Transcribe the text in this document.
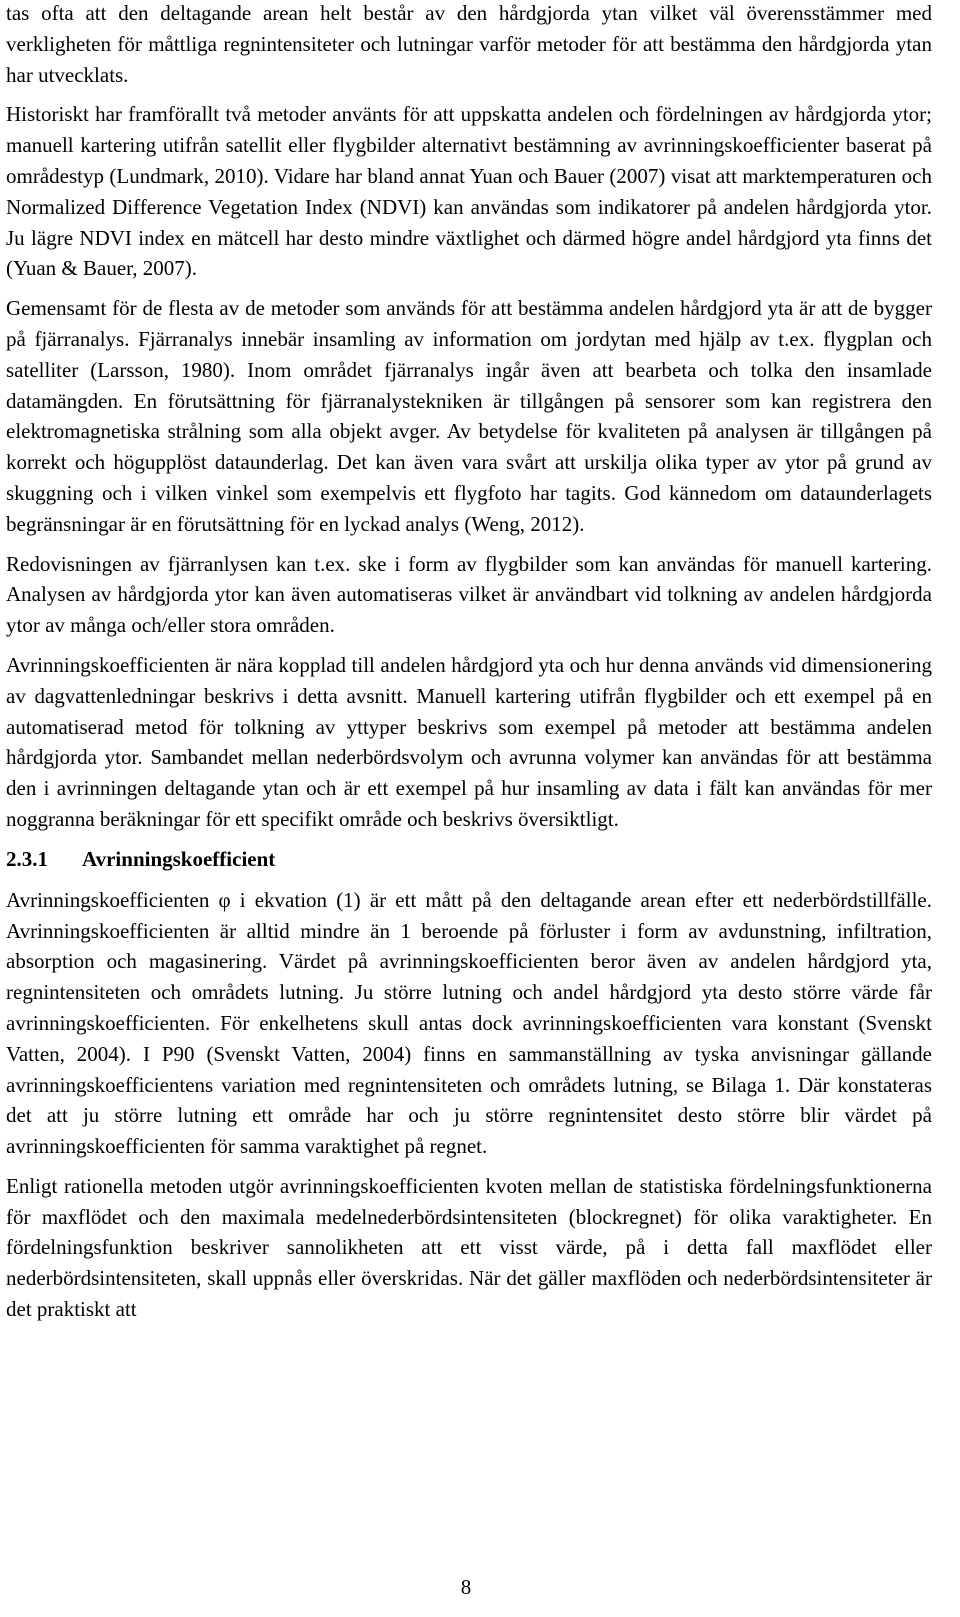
tas ofta att den deltagande arean helt består av den hårdgjorda ytan vilket väl överensstämmer med verkligheten för måttliga regnintensiteter och lutningar varför metoder för att bestämma den hårdgjorda ytan har utvecklats.

Historiskt har framförallt två metoder använts för att uppskatta andelen och fördelningen av hårdgjorda ytor; manuell kartering utifrån satellit eller flygbilder alternativt bestämning av avrinningskoefficienter baserat på områdestyp (Lundmark, 2010). Vidare har bland annat Yuan och Bauer (2007) visat att marktemperaturen och Normalized Difference Vegetation Index (NDVI) kan användas som indikatorer på andelen hårdgjorda ytor. Ju lägre NDVI index en mätcell har desto mindre växtlighet och därmed högre andel hårdgjord yta finns det (Yuan & Bauer, 2007).

Gemensamt för de flesta av de metoder som används för att bestämma andelen hårdgjord yta är att de bygger på fjärranalys. Fjärranalys innebär insamling av information om jordytan med hjälp av t.ex. flygplan och satelliter (Larsson, 1980). Inom området fjärranalys ingår även att bearbeta och tolka den insamlade datamängden. En förutsättning för fjärranalystekniken är tillgången på sensorer som kan registrera den elektromagnetiska strålning som alla objekt avger. Av betydelse för kvaliteten på analysen är tillgången på korrekt och högupplöst dataunderlag. Det kan även vara svårt att urskilja olika typer av ytor på grund av skuggning och i vilken vinkel som exempelvis ett flygfoto har tagits. God kännedom om dataunderlagets begränsningar är en förutsättning för en lyckad analys (Weng, 2012).

Redovisningen av fjärranlysen kan t.ex. ske i form av flygbilder som kan användas för manuell kartering. Analysen av hårdgjorda ytor kan även automatiseras vilket är användbart vid tolkning av andelen hårdgjorda ytor av många och/eller stora områden.

Avrinningskoefficienten är nära kopplad till andelen hårdgjord yta och hur denna används vid dimensionering av dagvattenledningar beskrivs i detta avsnitt. Manuell kartering utifrån flygbilder och ett exempel på en automatiserad metod för tolkning av yttyper beskrivs som exempel på metoder att bestämma andelen hårdgjorda ytor. Sambandet mellan nederbördsvolym och avrunna volymer kan användas för att bestämma den i avrinningen deltagande ytan och är ett exempel på hur insamling av data i fält kan användas för mer noggranna beräkningar för ett specifikt område och beskrivs översiktligt.

2.3.1 Avrinningskoefficient

Avrinningskoefficienten φ i ekvation (1) är ett mått på den deltagande arean efter ett nederbördstillfälle. Avrinningskoefficienten är alltid mindre än 1 beroende på förluster i form av avdunstning, infiltration, absorption och magasinering. Värdet på avrinningskoefficienten beror även av andelen hårdgjord yta, regnintensiteten och områdets lutning. Ju större lutning och andel hårdgjord yta desto större värde får avrinningskoefficienten. För enkelhetens skull antas dock avrinningskoefficienten vara konstant (Svenskt Vatten, 2004). I P90 (Svenskt Vatten, 2004) finns en sammanställning av tyska anvisningar gällande avrinningskoefficientens variation med regnintensiteten och områdets lutning, se Bilaga 1. Där konstateras det att ju större lutning ett område har och ju större regnintensitet desto större blir värdet på avrinningskoefficienten för samma varaktighet på regnet.

Enligt rationella metoden utgör avrinningskoefficienten kvoten mellan de statistiska fördelningsfunktionerna för maxflödet och den maximala medelnederbördsintensiteten (blockregnet) för olika varaktigheter. En fördelningsfunktion beskriver sannolikheten att ett visst värde, på i detta fall maxflödet eller nederbördsintensiteten, skall uppnås eller överskridas. När det gäller maxflöden och nederbördsintensiteter är det praktiskt att

8
